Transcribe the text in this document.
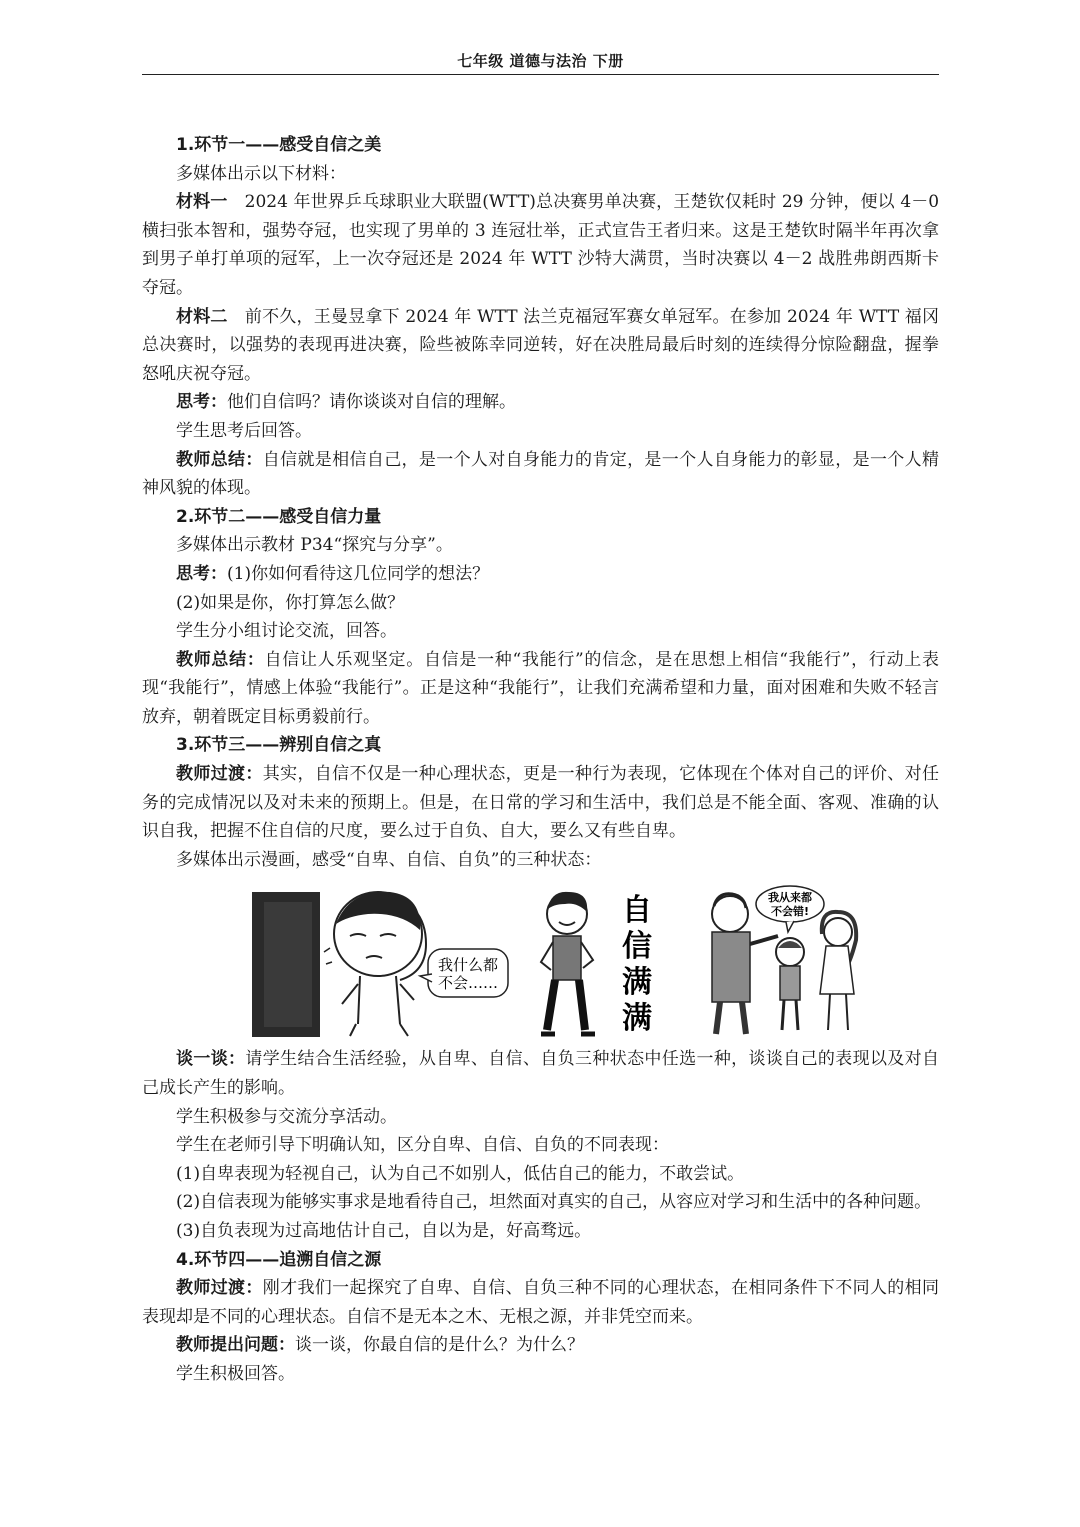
七年级 道德与法治 下册

1.环节一——感受自信之美

多媒体出示以下材料：

材料一　2024 年世界乒乓球职业大联盟(WTT)总决赛男单决赛，王楚钦仅耗时 29 分钟，便以 4－0 横扫张本智和，强势夺冠，也实现了男单的 3 连冠壮举，正式宣告王者归来。这是王楚钦时隔半年再次拿到男子单打单项的冠军，上一次夺冠还是 2024 年 WTT 沙特大满贯，当时决赛以 4－2 战胜弗朗西斯卡夺冠。

材料二　前不久，王曼昱拿下 2024 年 WTT 法兰克福冠军赛女单冠军。在参加 2024 年 WTT 福冈总决赛时，以强势的表现再进决赛，险些被陈幸同逆转，好在决胜局最后时刻的连续得分惊险翻盘，握拳怒吼庆祝夺冠。

思考：他们自信吗？请你谈谈对自信的理解。

学生思考后回答。

教师总结：自信就是相信自己，是一个人对自身能力的肯定，是一个人自身能力的彰显，是一个人精神风貌的体现。

2.环节二——感受自信力量

多媒体出示教材 P34“探究与分享”。

思考：(1)你如何看待这几位同学的想法？

(2)如果是你，你打算怎么做？

学生分小组讨论交流，回答。

教师总结：自信让人乐观坚定。自信是一种“我能行”的信念，是在思想上相信“我能行”，行动上表现“我能行”，情感上体验“我能行”。正是这种“我能行”，让我们充满希望和力量，面对困难和失败不轻言放弃，朝着既定目标勇毅前行。

3.环节三——辨别自信之真

教师过渡：其实，自信不仅是一种心理状态，更是一种行为表现，它体现在个体对自己的评价、对任务的完成情况以及对未来的预期上。但是，在日常的学习和生活中，我们总是不能全面、客观、准确的认识自我，把握不住自信的尺度，要么过于自负、自大，要么又有些自卑。

多媒体出示漫画，感受“自卑、自信、自负”的三种状态：

我什么都
不会……
自
信
满
满
我从来都
不会错!

谈一谈：请学生结合生活经验，从自卑、自信、自负三种状态中任选一种，谈谈自己的表现以及对自己成长产生的影响。

学生积极参与交流分享活动。

学生在老师引导下明确认知，区分自卑、自信、自负的不同表现：

(1)自卑表现为轻视自己，认为自己不如别人，低估自己的能力，不敢尝试。

(2)自信表现为能够实事求是地看待自己，坦然面对真实的自己，从容应对学习和生活中的各种问题。

(3)自负表现为过高地估计自己，自以为是，好高骛远。

4.环节四——追溯自信之源

教师过渡：刚才我们一起探究了自卑、自信、自负三种不同的心理状态，在相同条件下不同人的相同表现却是不同的心理状态。自信不是无本之木、无根之源，并非凭空而来。

教师提出问题：谈一谈，你最自信的是什么？为什么？

学生积极回答。
